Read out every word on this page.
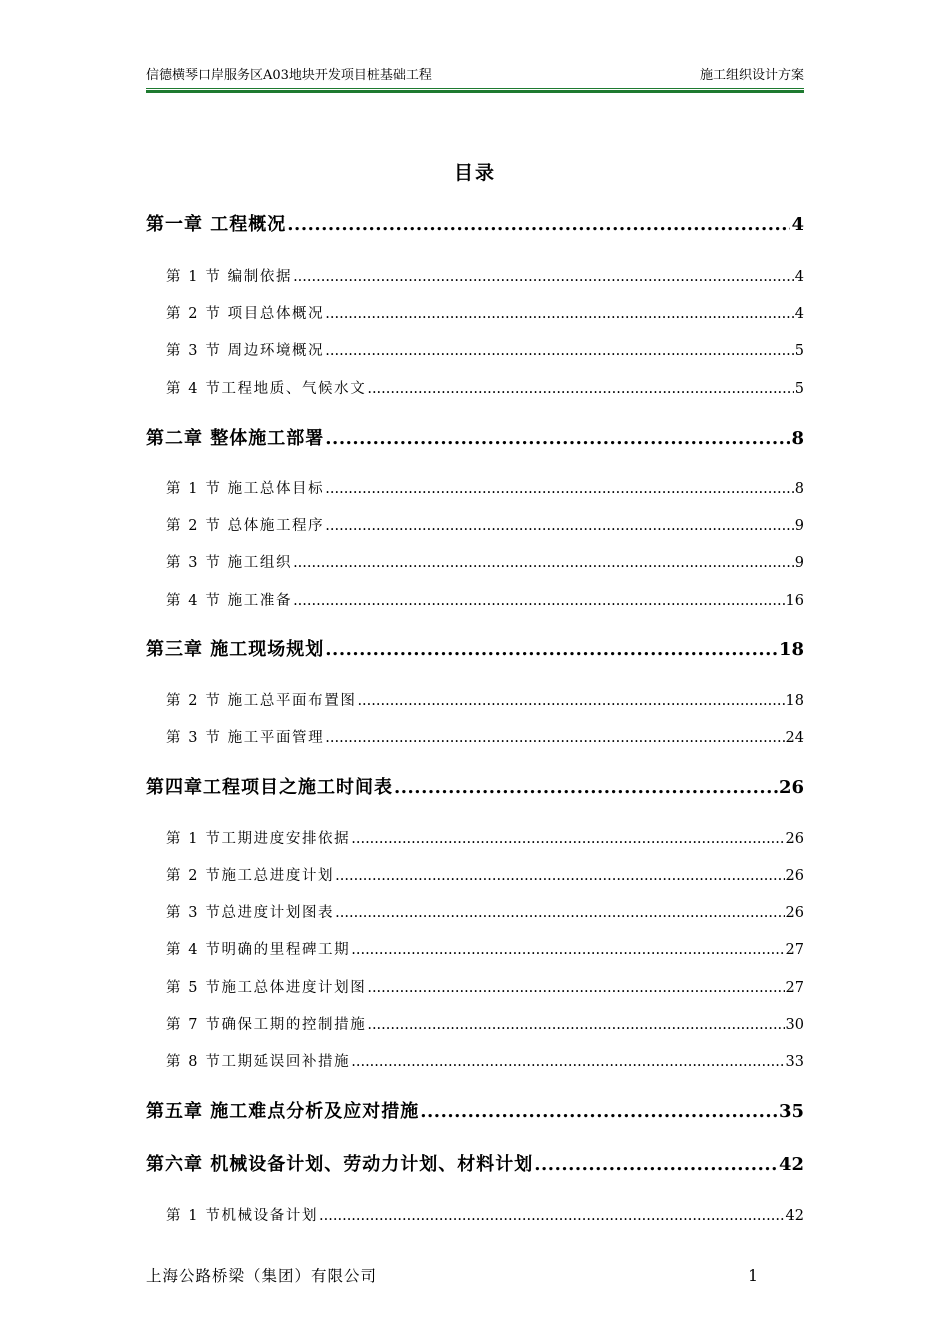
信德横琴口岸服务区A03地块开发项目桩基础工程	施工组织设计方案
目录
第一章 工程概况 .....	4
第 1 节 编制依据 .....	4
第 2 节 项目总体概况 .....	4
第 3 节 周边环境概况 .....	5
第 4 节工程地质、气候水文 .....	5
第二章 整体施工部署 .....	8
第 1 节 施工总体目标 .....	8
第 2 节 总体施工程序 .....	9
第 3 节 施工组织 .....	9
第 4 节 施工准备 .....	16
第三章 施工现场规划 .....	18
第 2 节 施工总平面布置图 .....	18
第 3 节 施工平面管理 .....	24
第四章工程项目之施工时间表 .....	26
第 1 节工期进度安排依据 .....	26
第 2 节施工总进度计划 .....	26
第 3 节总进度计划图表 .....	26
第 4 节明确的里程碑工期 .....	27
第 5 节施工总体进度计划图 .....	27
第 7 节确保工期的控制措施 .....	30
第 8 节工期延误回补措施 .....	33
第五章 施工难点分析及应对措施 .....	35
第六章 机械设备计划、劳动力计划、材料计划 .....	42
第 1 节机械设备计划 .....	42
上海公路桥梁（集团）有限公司	1
